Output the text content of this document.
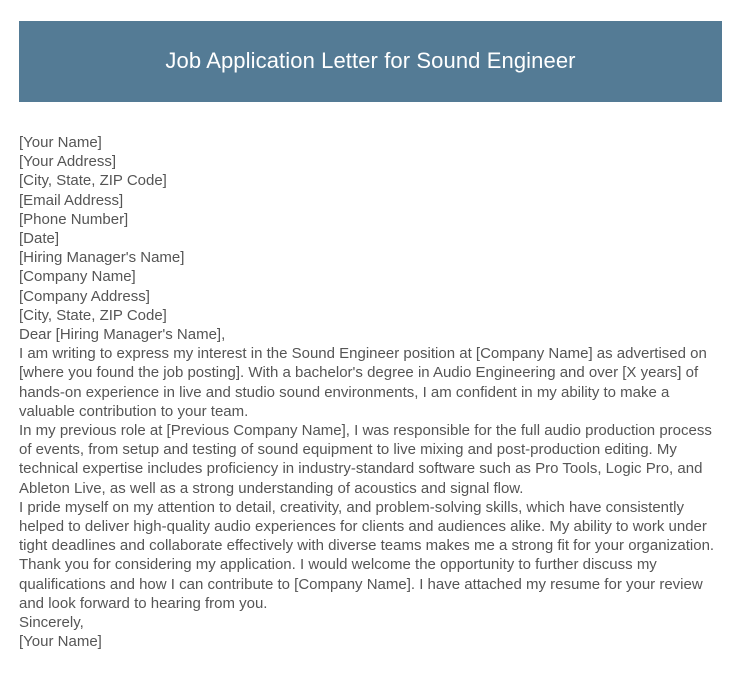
Job Application Letter for Sound Engineer
[Your Name]
[Your Address]
[City, State, ZIP Code]
[Email Address]
[Phone Number]
[Date]
[Hiring Manager's Name]
[Company Name]
[Company Address]
[City, State, ZIP Code]
Dear [Hiring Manager's Name],

I am writing to express my interest in the Sound Engineer position at [Company Name] as advertised on [where you found the job posting]. With a bachelor's degree in Audio Engineering and over [X years] of hands-on experience in live and studio sound environments, I am confident in my ability to make a valuable contribution to your team.

In my previous role at [Previous Company Name], I was responsible for the full audio production process of events, from setup and testing of sound equipment to live mixing and post-production editing. My technical expertise includes proficiency in industry-standard software such as Pro Tools, Logic Pro, and Ableton Live, as well as a strong understanding of acoustics and signal flow.

I pride myself on my attention to detail, creativity, and problem-solving skills, which have consistently helped to deliver high-quality audio experiences for clients and audiences alike. My ability to work under tight deadlines and collaborate effectively with diverse teams makes me a strong fit for your organization.

Thank you for considering my application. I would welcome the opportunity to further discuss my qualifications and how I can contribute to [Company Name]. I have attached my resume for your review and look forward to hearing from you.

Sincerely,
[Your Name]
